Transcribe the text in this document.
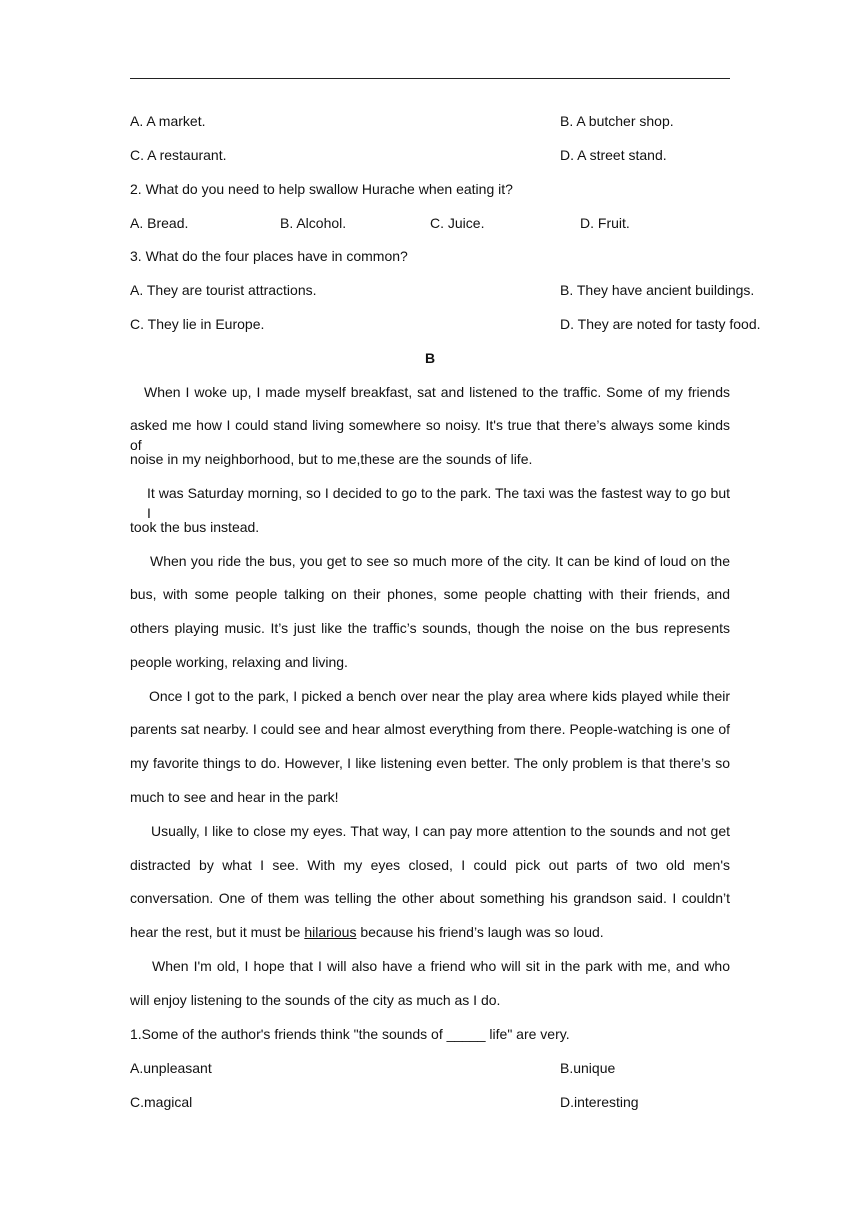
A. A market.	B. A butcher shop.
C. A restaurant.	D. A street stand.
2. What do you need to help swallow Hurache when eating it?
A. Bread.	B. Alcohol.	C. Juice.	D. Fruit.
3. What do the four places have in common?
A. They are tourist attractions.	B. They have ancient buildings.
C. They lie in Europe.	D. They are noted for tasty food.
B
When I woke up, I made myself breakfast, sat and listened to the traffic. Some of my friends
asked me how I could stand living somewhere so noisy. It's true that there’s always some kinds of
noise in my neighborhood, but to me,these are the sounds of life.
It was Saturday morning, so I decided to go to the park. The taxi was the fastest way to go but I
took the bus instead.
When you ride the bus, you get to see so much more of the city. It can be kind of loud on the
bus, with some people talking on their phones, some people chatting with their friends, and
others playing music. It’s just like the traffic’s sounds, though the noise on the bus represents
people working, relaxing and living.
Once I got to the park, I picked a bench over near the play area where kids played while their
parents sat nearby. I could see and hear almost everything from there. People-watching is one of
my favorite things to do. However, I like listening even better. The only problem is that there’s so
much to see and hear in the park!
Usually, I like to close my eyes. That way, I can pay more attention to the sounds and not get
distracted by what I see. With my eyes closed, I could pick out parts of two old men's
conversation. One of them was telling the other about something his grandson said. I couldn’t
hear the rest, but it must be hilarious because his friend’s laugh was so loud.
When I'm old, I hope that I will also have a friend who will sit in the park with me, and who
will enjoy listening to the sounds of the city as much as I do.
1.Some of the author's friends think "the sounds of _____ life" are very.
A.unpleasant	B.unique
C.magical	D.interesting
